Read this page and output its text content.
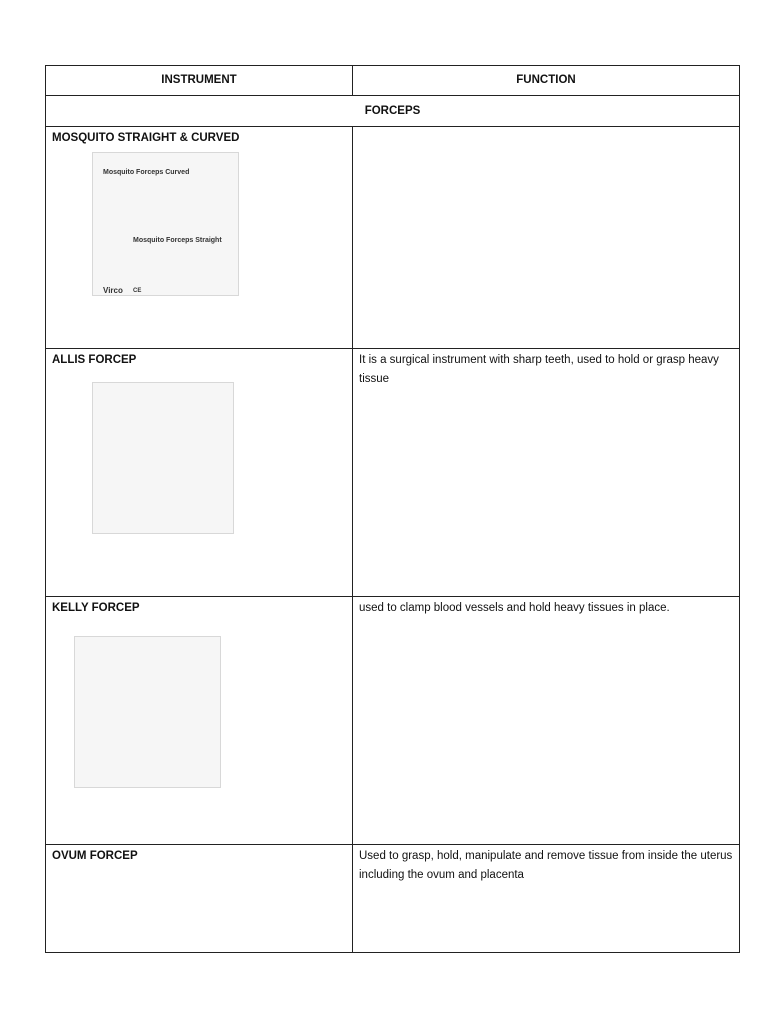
INSTRUMENT	FUNCTION
FORCEPS
MOSQUITO STRAIGHT & CURVED
Mosquito Forceps Curved
Mosquito Forceps Straight
Virco CE
ALLIS FORCEP	It is a surgical instrument with sharp teeth, used to hold or grasp heavy tissue
KELLY FORCEP	used to clamp blood vessels and hold heavy tissues in place.
OVUM FORCEP	Used to grasp, hold, manipulate and remove tissue from inside the uterus including the ovum and placenta
